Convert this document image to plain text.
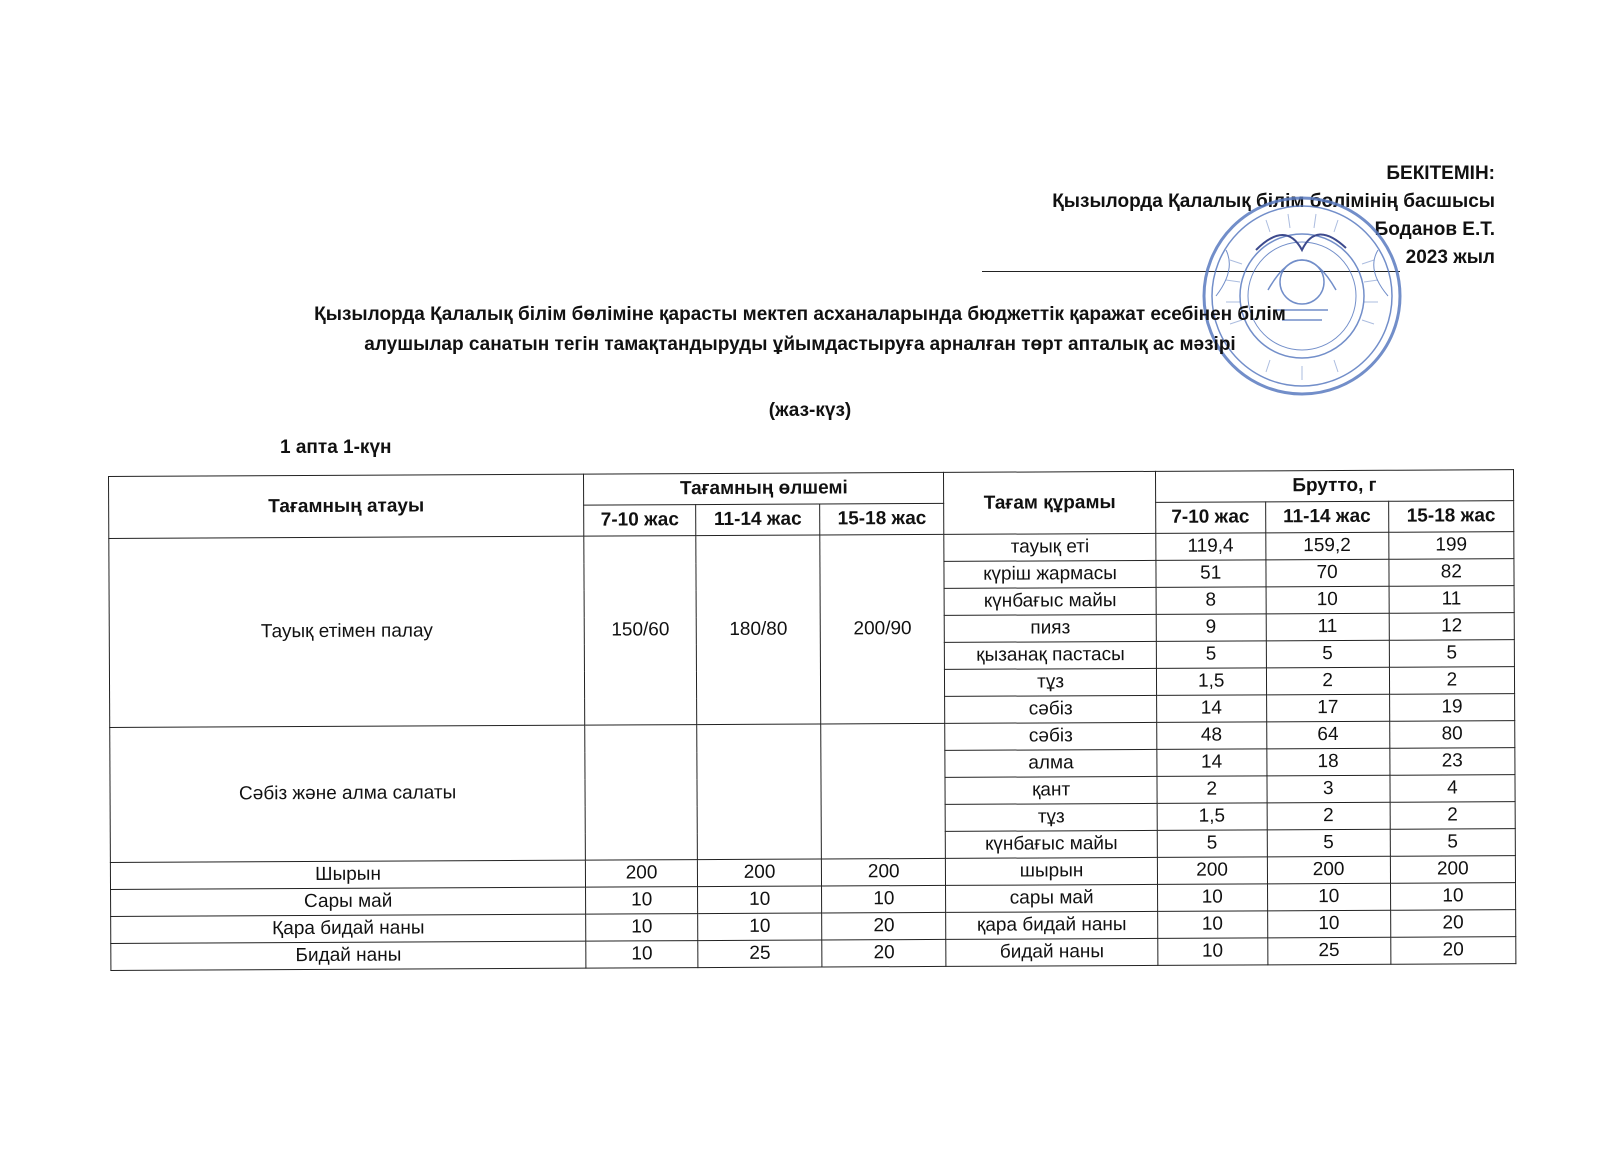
БЕКІТЕМІН:
Қызылорда Қалалық білім бөлімінің басшысы
Боданов Е.Т.
2023 жыл
Қызылорда Қалалық білім бөліміне қарасты мектеп асханаларында бюджеттік қаражат есебінен білім
алушылар санатын тегін тамақтандыруды ұйымдастыруға арналған төрт апталық ас мәзірі
(жаз-күз)
1 апта 1-күн
Тағамның атауы	Тағамның өлшемі			Тағам құрамы	Брутто, г		
	7-10 жас	11-14 жас	15-18 жас		7-10 жас	11-14 жас	15-18 жас
Тауық етімен палау	150/60	180/80	200/90	тауық еті	119,4	159,2	199
				күріш жармасы	51	70	82
				күнбағыс майы	8	10	11
				пияз	9	11	12
				қызанақ пастасы	5	5	5
				тұз	1,5	2	2
				сәбіз	14	17	19
Сәбіз және алма салаты				сәбіз	48	64	80
				алма	14	18	23
				қант	2	3	4
				тұз	1,5	2	2
				күнбағыс майы	5	5	5
Шырын	200	200	200	шырын	200	200	200
Сары май	10	10	10	сары май	10	10	10
Қара бидай наны	10	10	20	қара бидай наны	10	10	20
Бидай наны	10	25	20	бидай наны	10	25	20
